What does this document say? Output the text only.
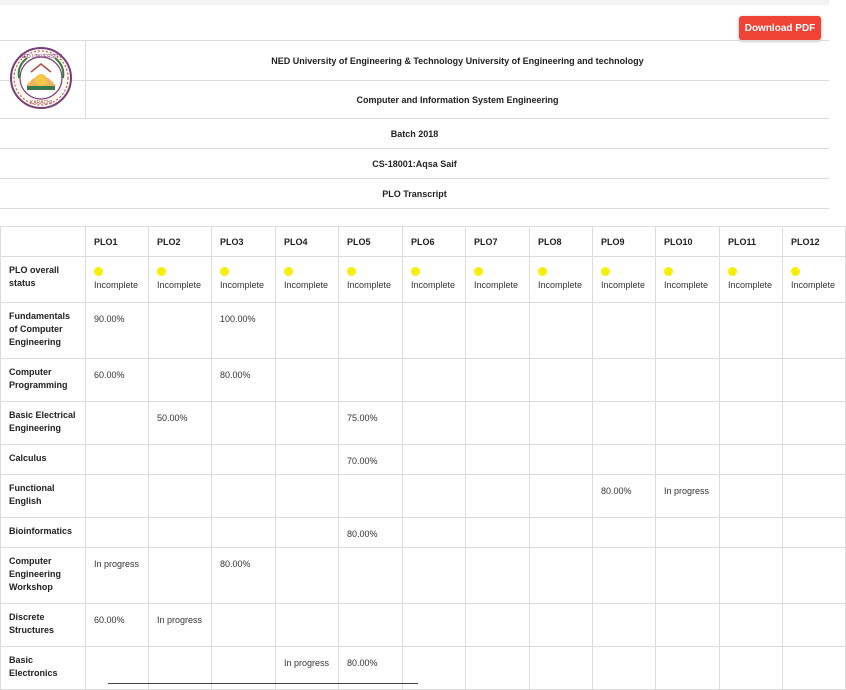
Download PDF
NED UNIVERSITY
KARACHI
NED University of Engineering & Technology University of Engineering and technology
Computer and Information System Engineering
Batch 2018
CS-18001:Aqsa Saif
PLO Transcript
	PLO1	PLO2	PLO3	PLO4	PLO5	PLO6	PLO7	PLO8	PLO9	PLO10	PLO11	PLO12
PLO overall status	Incomplete	Incomplete	Incomplete	Incomplete	Incomplete	Incomplete	Incomplete	Incomplete	Incomplete	Incomplete	Incomplete	Incomplete
Fundamentals of Computer Engineering	90.00%		100.00%									
Computer Programming	60.00%		80.00%									
Basic Electrical Engineering		50.00%			75.00%							
Calculus					70.00%							
Functional English									80.00%	In progress		
Bioinformatics					80.00%							
Computer Engineering Workshop	In progress		80.00%									
Discrete Structures	60.00%	In progress										
Basic Electronics				In progress	80.00%							
